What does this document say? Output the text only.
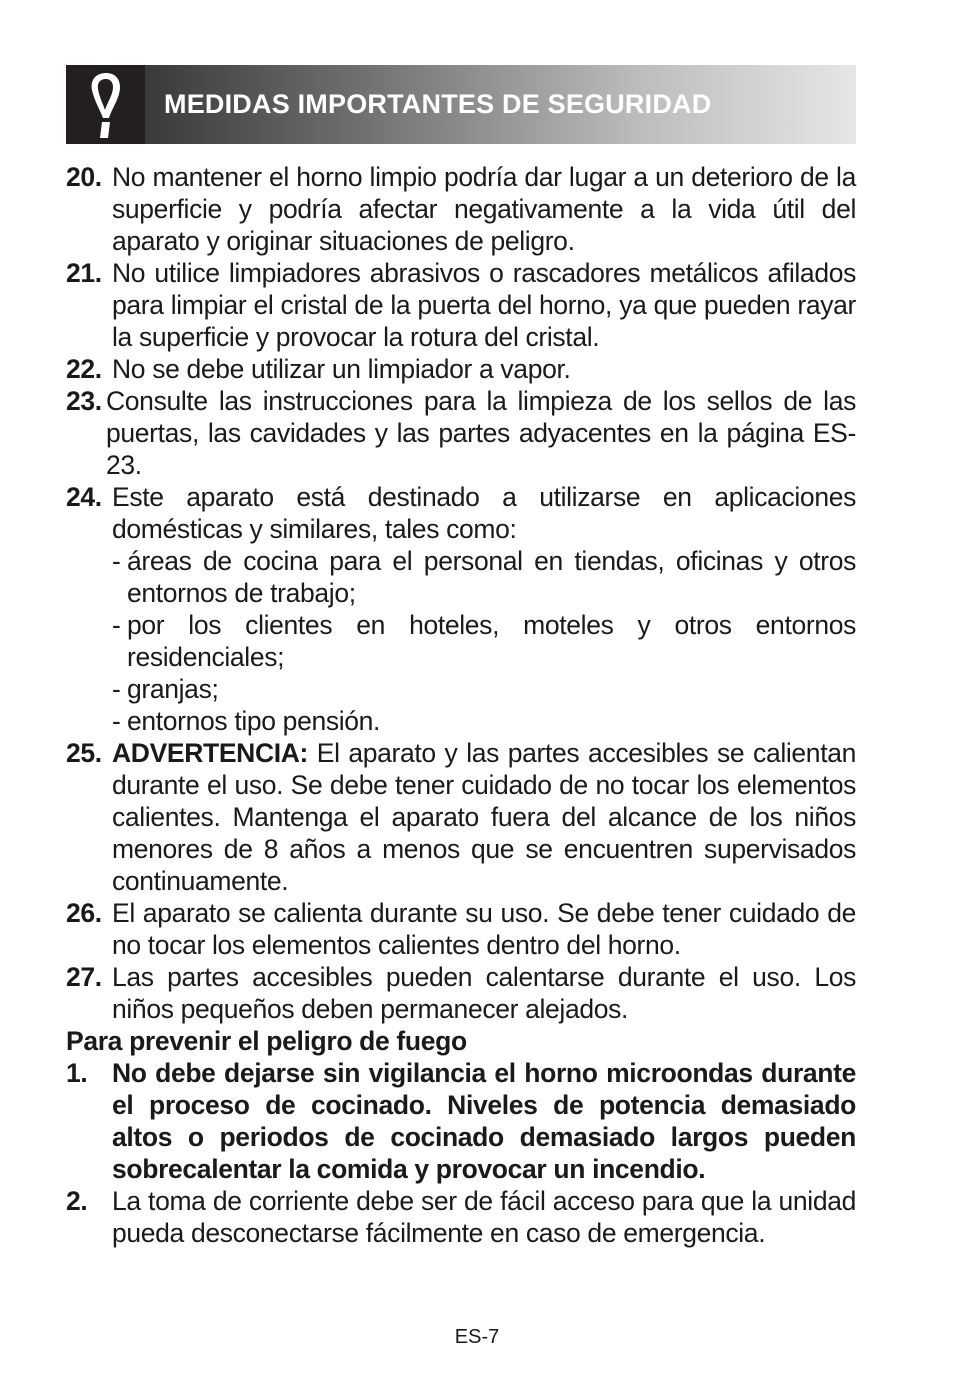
MEDIDAS IMPORTANTES DE SEGURIDAD
20. No mantener el horno limpio podría dar lugar a un deterioro de la superficie y podría afectar negativamente a la vida útil del aparato y originar situaciones de peligro.
21. No utilice limpiadores abrasivos o rascadores metálicos afilados para limpiar el cristal de la puerta del horno, ya que pueden rayar la superficie y provocar la rotura del cristal.
22. No se debe utilizar un limpiador a vapor.
23. Consulte las instrucciones para la limpieza de los sellos de las puertas, las cavidades y las partes adyacentes en la página ES-23.
24. Este aparato está destinado a utilizarse en aplicaciones domésticas y similares, tales como:
- áreas de cocina para el personal en tiendas, oficinas y otros entornos de trabajo;
- por los clientes en hoteles, moteles y otros entornos residenciales;
- granjas;
- entornos tipo pensión.
25. ADVERTENCIA: El aparato y las partes accesibles se calientan durante el uso. Se debe tener cuidado de no tocar los elementos calientes. Mantenga el aparato fuera del alcance de los niños menores de 8 años a menos que se encuentren supervisados continuamente.
26. El aparato se calienta durante su uso. Se debe tener cuidado de no tocar los elementos calientes dentro del horno.
27. Las partes accesibles pueden calentarse durante el uso. Los niños pequeños deben permanecer alejados.
Para prevenir el peligro de fuego
1. No debe dejarse sin vigilancia el horno microondas durante el proceso de cocinado. Niveles de potencia demasiado altos o periodos de cocinado demasiado largos pueden sobrecalentar la comida y provocar un incendio.
2. La toma de corriente debe ser de fácil acceso para que la unidad pueda desconectarse fácilmente en caso de emergencia.
ES-7
